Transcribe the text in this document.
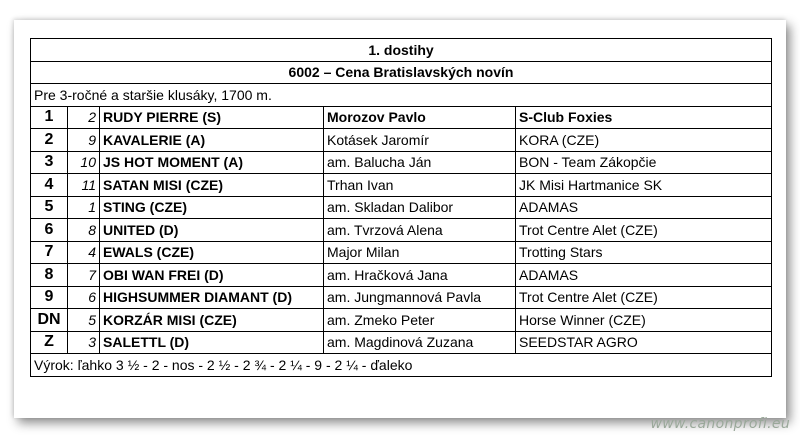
1. dostihy				
6002 – Cena Bratislavských novín				
Pre 3-ročné a staršie klusáky, 1700 m.				
1	2	RUDY PIERRE (S)	Morozov Pavlo	S-Club Foxies
2	9	KAVALERIE (A)	Kotásek Jaromír	KORA (CZE)
3	10	JS HOT MOMENT (A)	am. Balucha Ján	BON - Team Zákopčie
4	11	SATAN MISI (CZE)	Trhan Ivan	JK Misi Hartmanice SK
5	1	STING (CZE)	am. Skladan Dalibor	ADAMAS
6	8	UNITED (D)	am. Tvrzová Alena	Trot Centre Alet (CZE)
7	4	EWALS (CZE)	Major Milan	Trotting Stars
8	7	OBI WAN FREI (D)	am. Hračková Jana	ADAMAS
9	6	HIGHSUMMER DIAMANT (D)	am. Jungmannová Pavla	Trot Centre Alet (CZE)
DN	5	KORZÁR MISI (CZE)	am. Zmeko Peter	Horse Winner (CZE)
Z	3	SALETTL (D)	am. Magdinová Zuzana	SEEDSTAR AGRO
Výrok: ľahko 3 ½ - 2 - nos - 2 ½ - 2 ¾ - 2 ¼ - 9 - 2 ¼ - ďaleko				
www.canonprofi.eu
